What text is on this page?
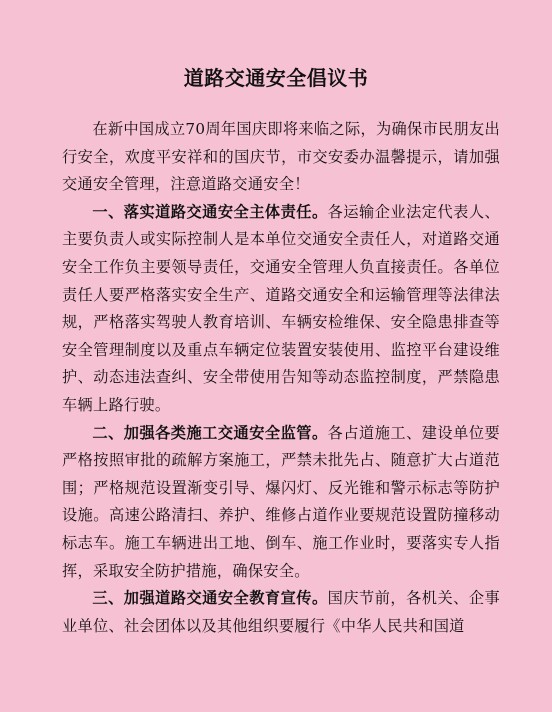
道路交通安全倡议书

在新中国成立70周年国庆即将来临之际，为确保市民朋友出行安全，欢度平安祥和的国庆节，市交安委办温馨提示，请加强交通安全管理，注意道路交通安全！

一、落实道路交通安全主体责任。各运输企业法定代表人、主要负责人或实际控制人是本单位交通安全责任人，对道路交通安全工作负主要领导责任，交通安全管理人负直接责任。各单位责任人要严格落实安全生产、道路交通安全和运输管理等法律法规，严格落实驾驶人教育培训、车辆安检维保、安全隐患排查等安全管理制度以及重点车辆定位装置安装使用、监控平台建设维护、动态违法查纠、安全带使用告知等动态监控制度，严禁隐患车辆上路行驶。

二、加强各类施工交通安全监管。各占道施工、建设单位要严格按照审批的疏解方案施工，严禁未批先占、随意扩大占道范围；严格规范设置渐变引导、爆闪灯、反光锥和警示标志等防护设施。高速公路清扫、养护、维修占道作业要规范设置防撞移动标志车。施工车辆进出工地、倒车、施工作业时，要落实专人指挥，采取安全防护措施，确保安全。

三、加强道路交通安全教育宣传。国庆节前，各机关、企事业单位、社会团体以及其他组织要履行《中华人民共和国道
